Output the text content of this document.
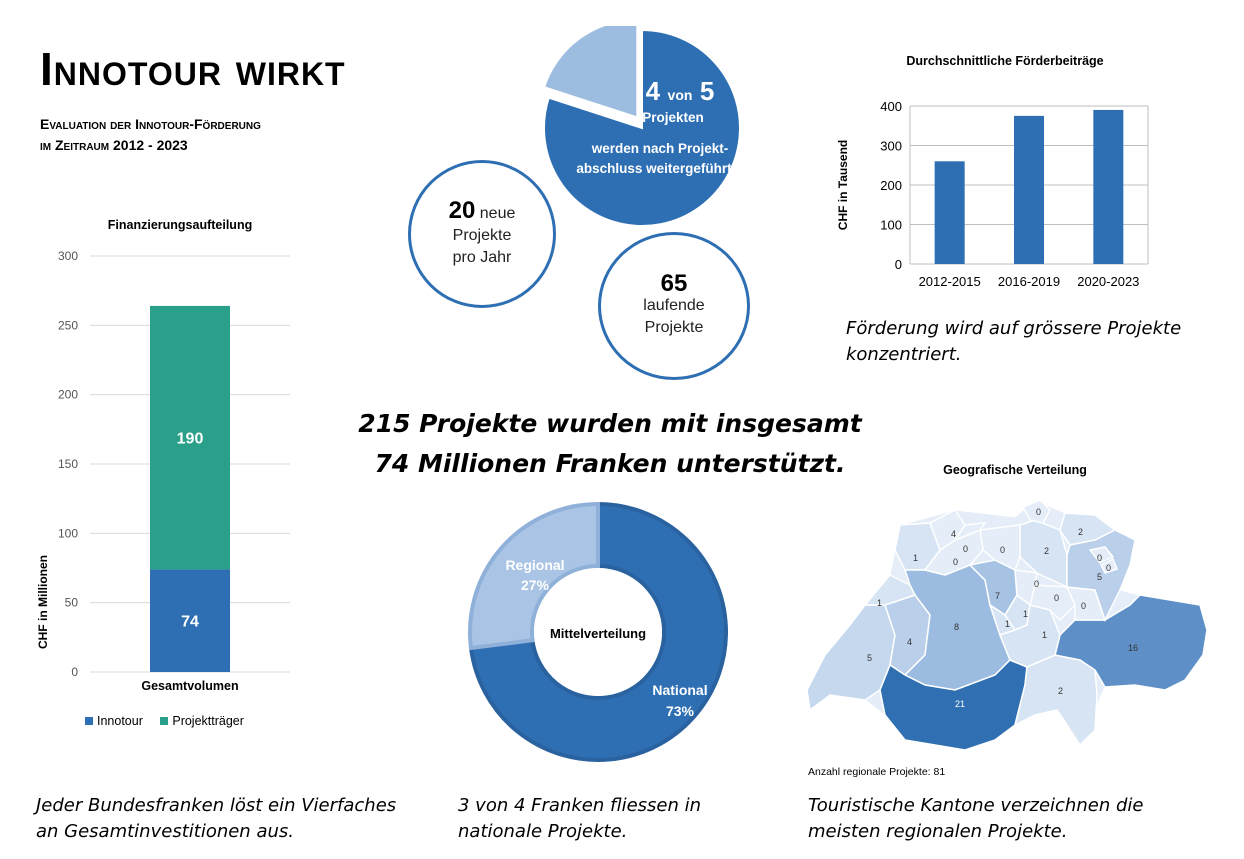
Innotour wirkt
Evaluation der Innotour-Förderung
im Zeitraum 2012 - 2023
Finanzierungsaufteilung
0
50
100
150
200
250
300
74
190
Gesamtvolumen
CHF in Millionen
Innotour Projektträger
4 von 5
Projekten
werden nach Projekt-
abschluss weitergeführt
20 neue
Projekte
pro Jahr
65
laufende
Projekte
Durchschnittliche Förderbeiträge
0
100
200
300
400
2012-2015 2016-2019 2020-2023
CHF in Tausend
Förderung wird auf grössere Projekte konzentriert.
215 Projekte wurden mit insgesamt
74 Millionen Franken unterstützt.
Mittelverteilung
Regional
27%
National
73%
Geografische Verteilung
21
16
8
7
5
4
5
2
2
2
1
1
1
1
1
4
0
0
0
0
0
0
0
0
0
Anzahl regionale Projekte: 81
Jeder Bundesfranken löst ein Vierfaches an Gesamtinvestitionen aus.
3 von 4 Franken fliessen in nationale Projekte.
Touristische Kantone verzeichnen die meisten regionalen Projekte.
